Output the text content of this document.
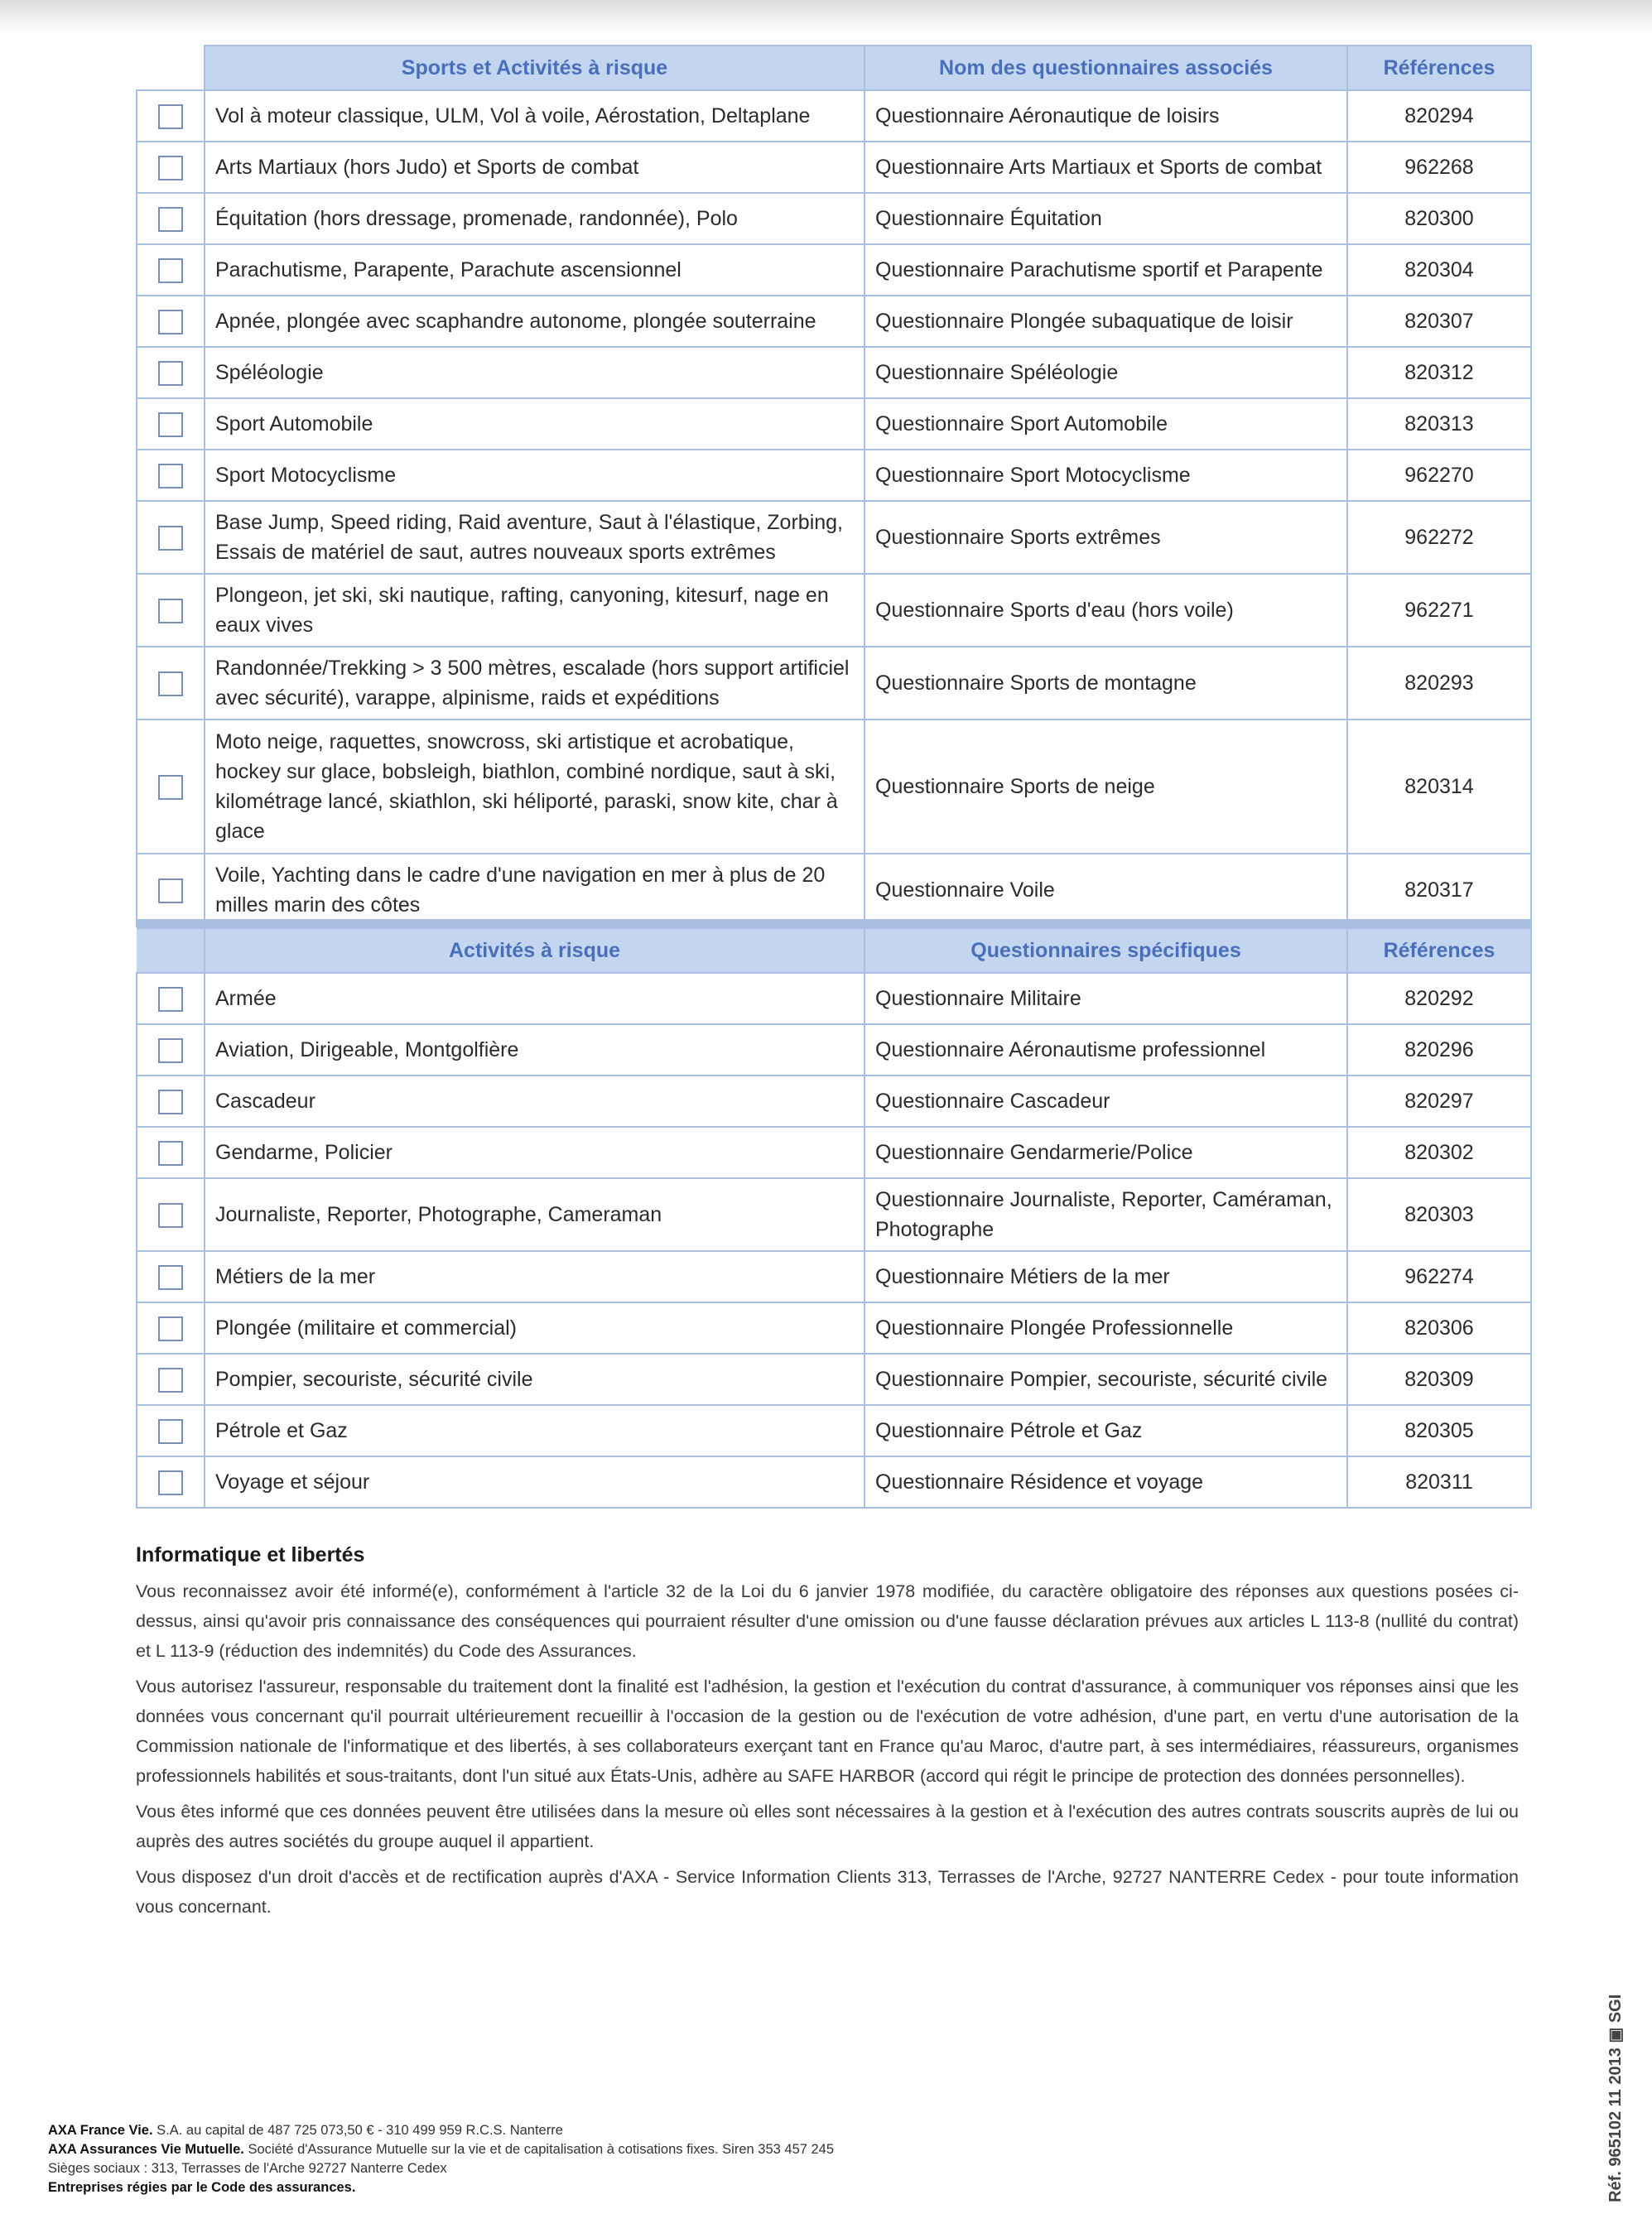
	Sports et Activités à risque	Nom des questionnaires associés	Références
	Vol à moteur classique, ULM, Vol à voile, Aérostation, Deltaplane	Questionnaire Aéronautique de loisirs	820294
	Arts Martiaux (hors Judo) et Sports de combat	Questionnaire Arts Martiaux et Sports de combat	962268
	Équitation (hors dressage, promenade, randonnée), Polo	Questionnaire Équitation	820300
	Parachutisme, Parapente, Parachute ascensionnel	Questionnaire Parachutisme sportif et Parapente	820304
	Apnée, plongée avec scaphandre autonome, plongée souterraine	Questionnaire Plongée subaquatique de loisir	820307
	Spéléologie	Questionnaire Spéléologie	820312
	Sport Automobile	Questionnaire Sport Automobile	820313
	Sport Motocyclisme	Questionnaire Sport Motocyclisme	962270
	Base Jump, Speed riding, Raid aventure, Saut à l'élastique, Zorbing, Essais de matériel de saut, autres nouveaux sports extrêmes	Questionnaire Sports extrêmes	962272
	Plongeon, jet ski, ski nautique, rafting, canyoning, kitesurf, nage en eaux vives	Questionnaire Sports d'eau (hors voile)	962271
	Randonnée/Trekking > 3 500 mètres, escalade (hors support artificiel avec sécurité), varappe, alpinisme, raids et expéditions	Questionnaire Sports de montagne	820293
	Moto neige, raquettes, snowcross, ski artistique et acrobatique, hockey sur glace, bobsleigh, biathlon, combiné nordique, saut à ski, kilométrage lancé, skiathlon, ski héliporté, paraski, snow kite, char à glace	Questionnaire Sports de neige	820314
	Voile, Yachting dans le cadre d'une navigation en mer à plus de 20 milles marin des côtes	Questionnaire Voile	820317
	Activités à risque	Questionnaires spécifiques	Références
	Armée	Questionnaire Militaire	820292
	Aviation, Dirigeable, Montgolfière	Questionnaire Aéronautisme professionnel	820296
	Cascadeur	Questionnaire Cascadeur	820297
	Gendarme, Policier	Questionnaire Gendarmerie/Police	820302
	Journaliste, Reporter, Photographe, Cameraman	Questionnaire Journaliste, Reporter, Caméraman, Photographe	820303
	Métiers de la mer	Questionnaire Métiers de la mer	962274
	Plongée (militaire et commercial)	Questionnaire Plongée Professionnelle	820306
	Pompier, secouriste, sécurité civile	Questionnaire Pompier, secouriste, sécurité civile	820309
	Pétrole et Gaz	Questionnaire Pétrole et Gaz	820305
	Voyage et séjour	Questionnaire Résidence et voyage	820311
Informatique et libertés

Vous reconnaissez avoir été informé(e), conformément à l'article 32 de la Loi du 6 janvier 1978 modifiée, du caractère obligatoire des réponses aux questions posées ci-dessus, ainsi qu'avoir pris connaissance des conséquences qui pourraient résulter d'une omission ou d'une fausse déclaration prévues aux articles L 113-8 (nullité du contrat) et L 113-9 (réduction des indemnités) du Code des Assurances.

Vous autorisez l'assureur, responsable du traitement dont la finalité est l'adhésion, la gestion et l'exécution du contrat d'assurance, à communiquer vos réponses ainsi que les données vous concernant qu'il pourrait ultérieurement recueillir à l'occasion de la gestion ou de l'exécution de votre adhésion, d'une part, en vertu d'une autorisation de la Commission nationale de l'informatique et des libertés, à ses collaborateurs exerçant tant en France qu'au Maroc, d'autre part, à ses intermédiaires, réassureurs, organismes professionnels habilités et sous-traitants, dont l'un situé aux États-Unis, adhère au SAFE HARBOR (accord qui régit le principe de protection des données personnelles).

Vous êtes informé que ces données peuvent être utilisées dans la mesure où elles sont nécessaires à la gestion et à l'exécution des autres contrats souscrits auprès de lui ou auprès des autres sociétés du groupe auquel il appartient.

Vous disposez d'un droit d'accès et de rectification auprès d'AXA - Service Information Clients 313, Terrasses de l'Arche, 92727 NANTERRE Cedex - pour toute information vous concernant.

AXA France Vie. S.A. au capital de 487 725 073,50 € - 310 499 959 R.C.S. Nanterre
AXA Assurances Vie Mutuelle. Société d'Assurance Mutuelle sur la vie et de capitalisation à cotisations fixes. Siren 353 457 245
Sièges sociaux : 313, Terrasses de l'Arche 92727 Nanterre Cedex
Entreprises régies par le Code des assurances.	Réf. 965102 11 2013 ▣ SGI
